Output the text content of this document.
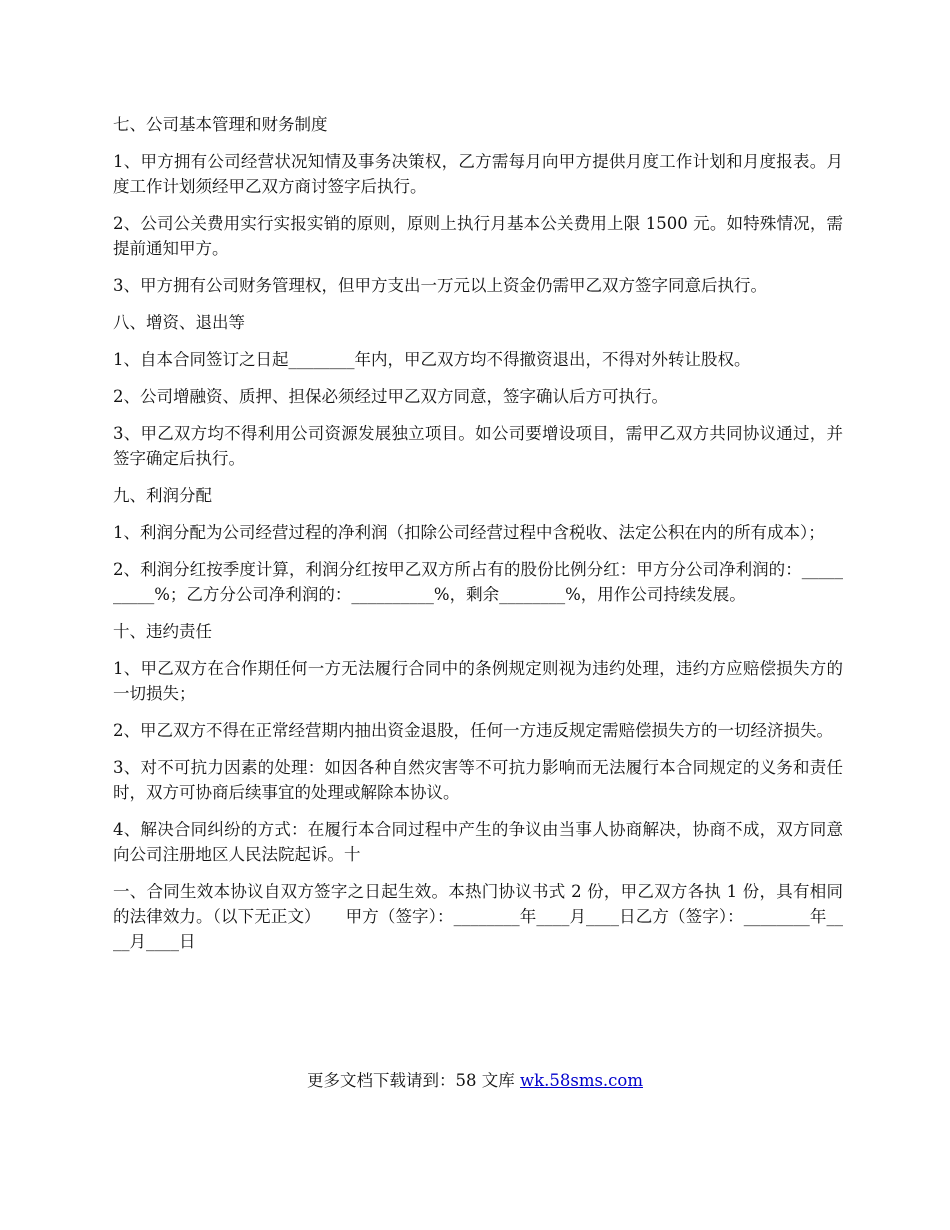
七、公司基本管理和财务制度

1、甲方拥有公司经营状况知情及事务决策权，乙方需每月向甲方提供月度工作计划和月度报表。月度工作计划须经甲乙双方商讨签字后执行。

2、公司公关费用实行实报实销的原则，原则上执行月基本公关费用上限 1500 元。如特殊情况，需提前通知甲方。

3、甲方拥有公司财务管理权，但甲方支出一万元以上资金仍需甲乙双方签字同意后执行。

八、增资、退出等

1、自本合同签订之日起________年内，甲乙双方均不得撤资退出，不得对外转让股权。

2、公司增融资、质押、担保必须经过甲乙双方同意，签字确认后方可执行。

3、甲乙双方均不得利用公司资源发展独立项目。如公司要增设项目，需甲乙双方共同协议通过，并签字确定后执行。

九、利润分配

1、利润分配为公司经营过程的净利润（扣除公司经营过程中含税收、法定公积在内的所有成本）；

2、利润分红按季度计算，利润分红按甲乙双方所占有的股份比例分红：甲方分公司净利润的：__________%；乙方分公司净利润的：__________%，剩余________%，用作公司持续发展。

十、违约责任

1、甲乙双方在合作期任何一方无法履行合同中的条例规定则视为违约处理，违约方应赔偿损失方的一切损失；

2、甲乙双方不得在正常经营期内抽出资金退股，任何一方违反规定需赔偿损失方的一切经济损失。

3、对不可抗力因素的处理：如因各种自然灾害等不可抗力影响而无法履行本合同规定的义务和责任时，双方可协商后续事宜的处理或解除本协议。

4、解决合同纠纷的方式：在履行本合同过程中产生的争议由当事人协商解决，协商不成，双方同意向公司注册地区人民法院起诉。十

一、合同生效本协议自双方签字之日起生效。本热门协议书式 2 份，甲乙双方各执 1 份，具有相同的法律效力。（以下无正文）　　甲方（签字）：________年____月____日乙方（签字）：________年____月____日

更多文档下载请到：58 文库 wk.58sms.com
